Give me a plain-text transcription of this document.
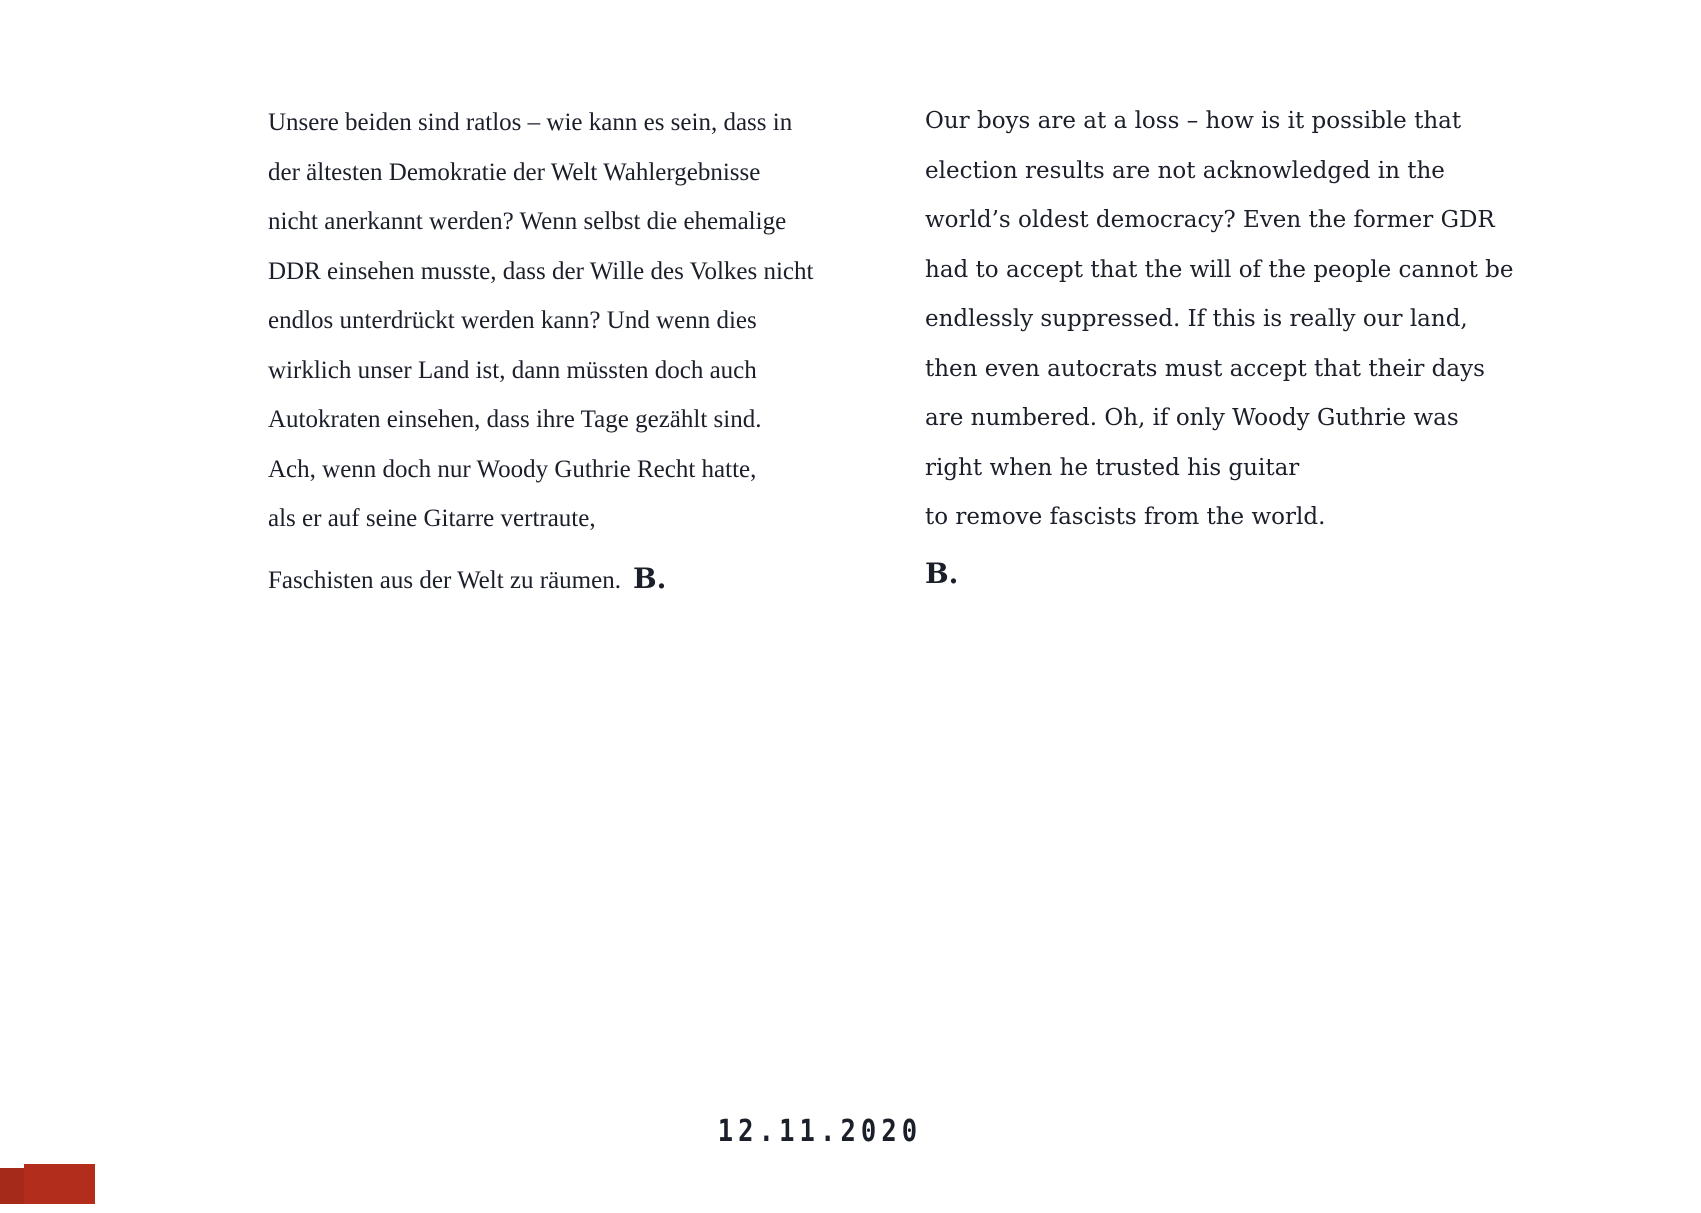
Unsere beiden sind ratlos – wie kann es sein, dass in
der ältesten Demokratie der Welt Wahlergebnisse
nicht anerkannt werden? Wenn selbst die ehemalige
DDR einsehen musste, dass der Wille des Volkes nicht
endlos unterdrückt werden kann? Und wenn dies
wirklich unser Land ist, dann müssten doch auch
Autokraten einsehen, dass ihre Tage gezählt sind.
Ach, wenn doch nur Woody Guthrie Recht hatte,
als er auf seine Gitarre vertraute,
Faschisten aus der Welt zu räumen. B.
Our boys are at a loss – how is it possible that
election results are not acknowledged in the
world’s oldest democracy? Even the former GDR
had to accept that the will of the people cannot be
endlessly suppressed. If this is really our land,
then even autocrats must accept that their days
are numbered. Oh, if only Woody Guthrie was
right when he trusted his guitar
to remove fascists from the world.
B.
12.11.2020
